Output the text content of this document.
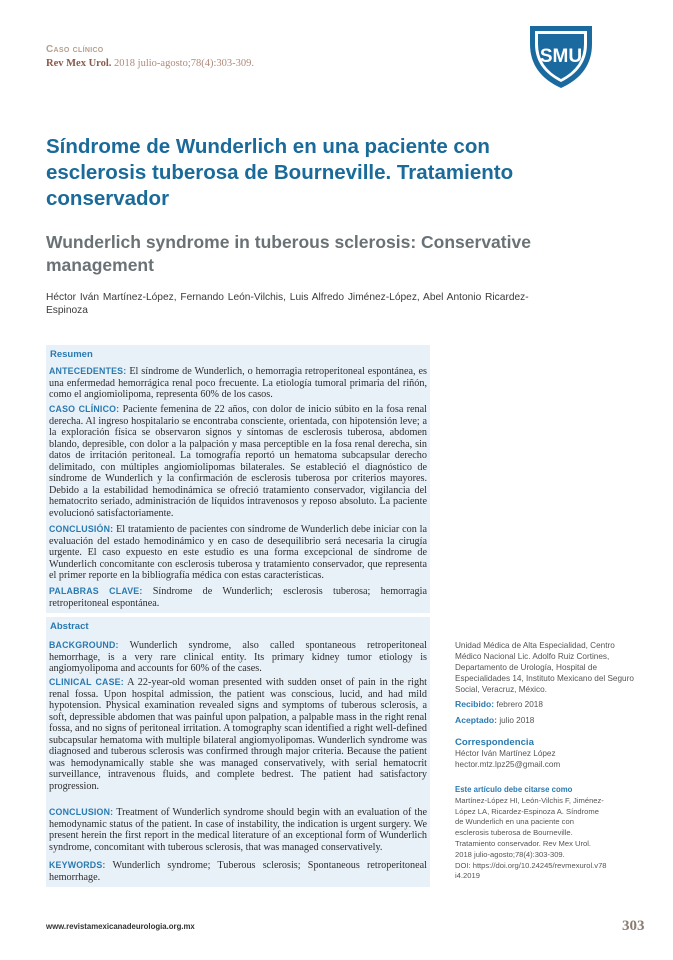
Caso clínico
Rev Mex Urol. 2018 julio-agosto;78(4):303-309.	SMU
Síndrome de Wunderlich en una paciente con esclerosis tuberosa de Bourneville. Tratamiento conservador
Wunderlich syndrome in tuberous sclerosis: Conservative management
Héctor Iván Martínez-López, Fernando León-Vilchis, Luis Alfredo Jiménez-López, Abel Antonio Ricardez-Espinoza
Resumen
ANTECEDENTES: El síndrome de Wunderlich, o hemorragia retroperitoneal espontánea, es una enfermedad hemorrágica renal poco frecuente. La etiología tumoral primaria del riñón, como el angiomiolipoma, representa 60% de los casos.
CASO CLÍNICO: Paciente femenina de 22 años, con dolor de inicio súbito en la fosa renal derecha. Al ingreso hospitalario se encontraba consciente, orientada, con hipotensión leve; a la exploración física se observaron signos y síntomas de esclerosis tuberosa, abdomen blando, depresible, con dolor a la palpación y masa perceptible en la fosa renal derecha, sin datos de irritación peritoneal. La tomografía reportó un hematoma subcapsular derecho delimitado, con múltiples angiomiolipomas bilaterales. Se estableció el diagnóstico de síndrome de Wunderlich y la confirmación de esclerosis tuberosa por criterios mayores. Debido a la estabilidad hemodinámica se ofreció tratamiento conservador, vigilancia del hematocrito seriado, administración de líquidos intravenosos y reposo absoluto. La paciente evolucionó satisfactoriamente.
CONCLUSIÓN: El tratamiento de pacientes con síndrome de Wunderlich debe iniciar con la evaluación del estado hemodinámico y en caso de desequilibrio será necesaria la cirugía urgente. El caso expuesto en este estudio es una forma excepcional de síndrome de Wunderlich concomitante con esclerosis tuberosa y tratamiento conservador, que representa el primer reporte en la bibliografía médica con estas características.
PALABRAS CLAVE: Síndrome de Wunderlich; esclerosis tuberosa; hemorragia retroperitoneal espontánea.
Abstract
BACKGROUND: Wunderlich syndrome, also called spontaneous retroperitoneal hemorrhage, is a very rare clinical entity. Its primary kidney tumor etiology is angiomyolipoma and accounts for 60% of the cases.
CLINICAL CASE: A 22-year-old woman presented with sudden onset of pain in the right renal fossa. Upon hospital admission, the patient was conscious, lucid, and had mild hypotension. Physical examination revealed signs and symptoms of tuberous sclerosis, a soft, depressible abdomen that was painful upon palpation, a palpable mass in the right renal fossa, and no signs of peritoneal irritation. A tomography scan identified a right well-defined subcapsular hematoma with multiple bilateral angiomyolipomas. Wunderlich syndrome was diagnosed and tuberous sclerosis was confirmed through major criteria. Because the patient was hemodynamically stable she was managed conservatively, with serial hematocrit surveillance, intravenous fluids, and complete bedrest. The patient had satisfactory progression.
CONCLUSION: Treatment of Wunderlich syndrome should begin with an evaluation of the hemodynamic status of the patient. In case of instability, the indication is urgent surgery. We present herein the first report in the medical literature of an exceptional form of Wunderlich syndrome, concomitant with tuberous sclerosis, that was managed conservatively.
KEYWORDS: Wunderlich syndrome; Tuberous sclerosis; Spontaneous retroperitoneal hemorrhage.
Unidad Médica de Alta Especialidad, Centro Médico Nacional Lic. Adolfo Ruiz Cortines, Departamento de Urología, Hospital de Especialidades 14, Instituto Mexicano del Seguro Social, Veracruz, México.
Recibido: febrero 2018
Aceptado: julio 2018
Correspondencia
Héctor Iván Martínez López
hector.mtz.lpz25@gmail.com
Este artículo debe citarse como
Martínez-López HI, León-Vilchis F, Jiménez-López LA, Ricardez-Espinoza A. Síndrome de Wunderlich en una paciente con esclerosis tuberosa de Bourneville. Tratamiento conservador. Rev Mex Urol. 2018 julio-agosto;78(4):303-309.
DOI: https://doi.org/10.24245/revmexurol.v78i4.2019
www.revistamexicanadeurologia.org.mx	303
